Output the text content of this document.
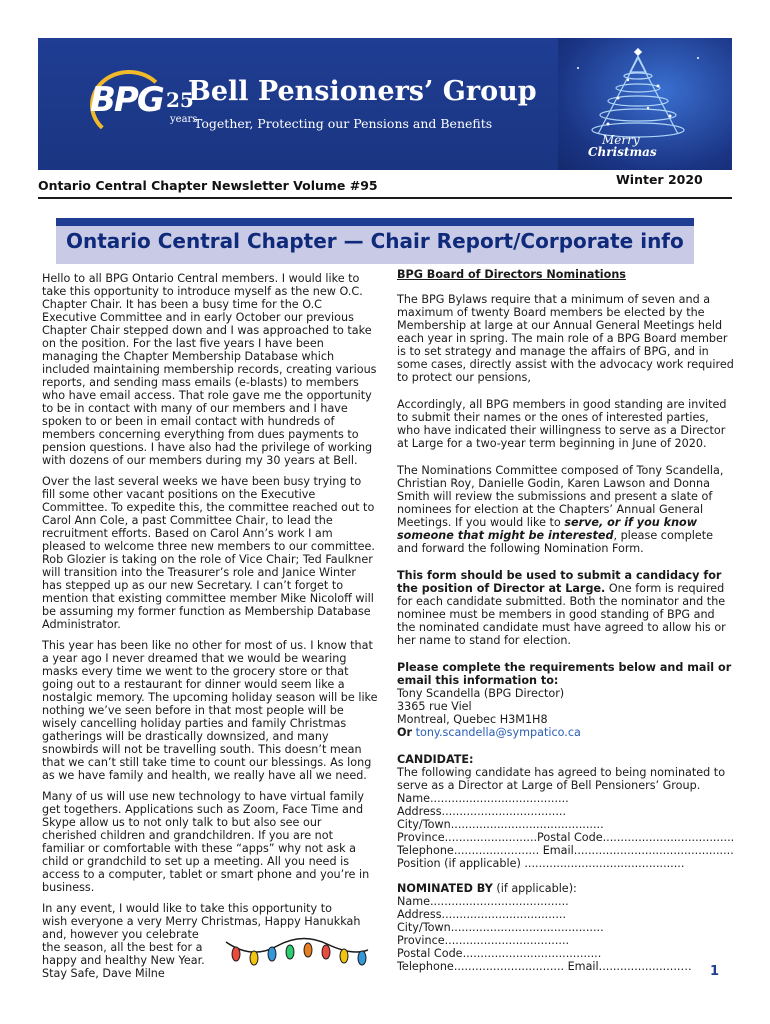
BPG 25
years
Bell Pensioners’ Group
Together, Protecting our Pensions and Benefits
Merry
Christmas
Ontario Central Chapter Newsletter Volume #95	Winter 2020
Ontario Central Chapter — Chair Report/Corporate info

Hello to all BPG Ontario Central members. I would like to take this opportunity to introduce myself as the new O.C. Chapter Chair. It has been a busy time for the O.C Executive Committee and in early October our previous Chapter Chair stepped down and I was approached to take on the position. For the last five years I have been managing the Chapter Membership Database which included maintaining membership records, creating various reports, and sending mass emails (e-blasts) to members who have email access. That role gave me the opportunity to be in contact with many of our members and I have spoken to or been in email contact with hundreds of members concerning everything from dues payments to pension questions. I have also had the privilege of working with dozens of our members during my 30 years at Bell.

Over the last several weeks we have been busy trying to fill some other vacant positions on the Executive Committee. To expedite this, the committee reached out to Carol Ann Cole, a past Committee Chair, to lead the recruitment efforts. Based on Carol Ann’s work I am pleased to welcome three new members to our committee. Rob Glozier is taking on the role of Vice Chair; Ted Faulkner will transition into the Treasurer’s role and Janice Winter has stepped up as our new Secretary. I can’t forget to mention that existing committee member Mike Nicoloff will be assuming my former function as Membership Database Administrator.

This year has been like no other for most of us. I know that a year ago I never dreamed that we would be wearing masks every time we went to the grocery store or that going out to a restaurant for dinner would seem like a nostalgic memory. The upcoming holiday season will be like nothing we’ve seen before in that most people will be wisely cancelling holiday parties and family Christmas gatherings will be drastically downsized, and many snowbirds will not be travelling south. This doesn’t mean that we can’t still take time to count our blessings. As long as we have family and health, we really have all we need.

Many of us will use new technology to have virtual family get togethers. Applications such as Zoom, Face Time and Skype allow us to not only talk to but also see our cherished children and grandchildren. If you are not familiar or comfortable with these “apps” why not ask a child or grandchild to set up a meeting. All you need is access to a computer, tablet or smart phone and you’re in business.

In any event, I would like to take this opportunity to
wish everyone a very Merry Christmas, Happy Hanukkah
and, however you celebrate
the season, all the best for a
happy and healthy New Year.
Stay Safe, Dave Milne

BPG Board of Directors Nominations

The BPG Bylaws require that a minimum of seven and a maximum of twenty Board members be elected by the Membership at large at our Annual General Meetings held each year in spring. The main role of a BPG Board member is to set strategy and manage the affairs of BPG, and in some cases, directly assist with the advocacy work required to protect our pensions,

Accordingly, all BPG members in good standing are invited to submit their names or the ones of interested parties, who have indicated their willingness to serve as a Director at Large for a two-year term beginning in June of 2020.

The Nominations Committee composed of Tony Scandella, Christian Roy, Danielle Godin, Karen Lawson and Donna Smith will review the submissions and present a slate of nominees for election at the Chapters’ Annual General Meetings. If you would like to serve, or if you know someone that might be interested, please complete and forward the following Nomination Form.

This form should be used to submit a candidacy for the position of Director at Large. One form is required for each candidate submitted. Both the nominator and the nominee must be members in good standing of BPG and the nominated candidate must have agreed to allow his or her name to stand for election.

Please complete the requirements below and mail or email this information to:
Tony Scandella (BPG Director)
3365 rue Viel
Montreal, Quebec H3M1H8
Or tony.scandella@sympatico.ca
CANDIDATE:
The following candidate has agreed to being nominated to serve as a Director at Large of Bell Pensioners’ Group.
Name.......................................
Address...................................
City/Town...........................................
Province..........................Postal Code.....................................
Telephone........................ Email.............................................
Position (if applicable) .............................................
NOMINATED BY (if applicable):
Name.......................................
Address...................................
City/Town...........................................
Province...................................
Postal Code.......................................
Telephone............................... Email.......................…	1
